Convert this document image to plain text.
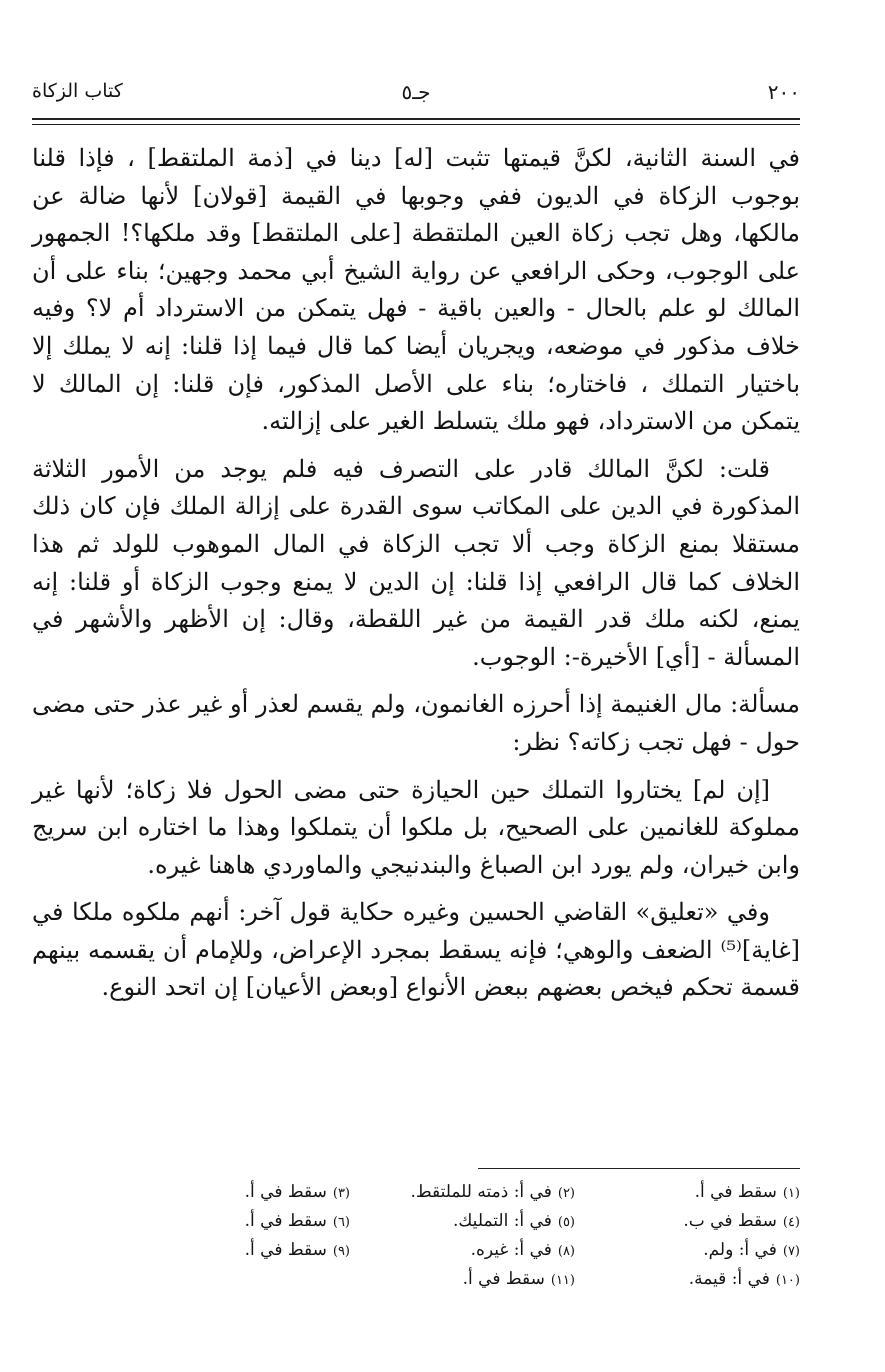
٢٠٠
جـ٥
كتاب الزكاة

في السنة الثانية، لكنَّ قيمتها تثبت [له] دينا في [ذمة الملتقط] ، فإذا قلنا بوجوب الزكاة في الديون ففي وجوبها في القيمة [قولان] لأنها ضالة عن مالكها، وهل تجب زكاة العين الملتقطة [على الملتقط] وقد ملكها؟! الجمهور على الوجوب، وحكى الرافعي عن رواية الشيخ أبي محمد وجهين؛ بناء على أن المالك لو علم بالحال - والعين باقية - فهل يتمكن من الاسترداد أم لا؟ وفيه خلاف مذكور في موضعه، ويجريان أيضا كما قال فيما إذا قلنا: إنه لا يملك إلا باختيار التملك ، فاختاره؛ بناء على الأصل المذكور، فإن قلنا: إن المالك لا يتمكن من الاسترداد، فهو ملك يتسلط الغير على إزالته.

قلت: لكنَّ المالك قادر على التصرف فيه فلم يوجد من الأمور الثلاثة المذكورة في الدين على المكاتب سوى القدرة على إزالة الملك فإن كان ذلك مستقلا بمنع الزكاة وجب ألا تجب الزكاة في المال الموهوب للولد ثم هذا الخلاف كما قال الرافعي إذا قلنا: إن الدين لا يمنع وجوب الزكاة أو قلنا: إنه يمنع، لكنه ملك قدر القيمة من غير اللقطة، وقال: إن الأظهر والأشهر في المسألة - [أي] الأخيرة-: الوجوب.

مسألة: مال الغنيمة إذا أحرزه الغانمون، ولم يقسم لعذر أو غير عذر حتى مضى حول - فهل تجب زكاته؟ نظر:

[إن لم] يختاروا التملك حين الحيازة حتى مضى الحول فلا زكاة؛ لأنها غير مملوكة للغانمين على الصحيح، بل ملكوا أن يتملكوا وهذا ما اختاره ابن سريج وابن خيران، ولم يورد ابن الصباغ والبندنيجي والماوردي هاهنا غيره.

وفي «تعليق» القاضي الحسين وغيره حكاية قول آخر: أنهم ملكوه ملكا في [غاية]⁽⁵⁾ الضعف والوهي؛ فإنه يسقط بمجرد الإعراض، وللإمام أن يقسمه بينهم قسمة تحكم فيخص بعضهم ببعض الأنواع [وبعض الأعيان] إن اتحد النوع.

(١)سقط في أ.
(٢)في أ: ذمته للملتقط.
(٣)سقط في أ.
(٤)سقط في ب.
(٥)في أ: التمليك.
(٦)سقط في أ.
(٧)في أ: ولم.
(٨)في أ: غيره.
(٩)سقط في أ.
(١٠)في أ: قيمة.
(١١)سقط في أ.
